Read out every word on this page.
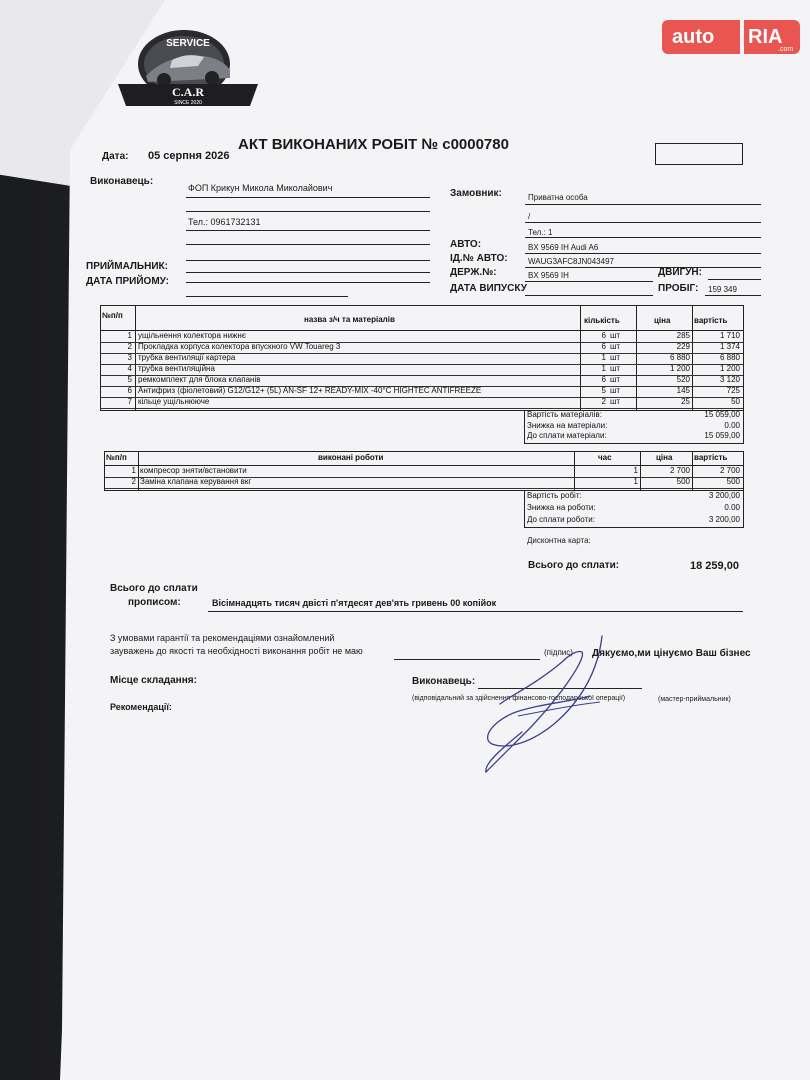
SERVICE
C.A.R
SINCE 2020
auto RIA
.com
АКТ ВИКОНАНИХ РОБІТ № с0000780
Дата: 05 серпня 2026
Виконавець:
ФОП Крикун Микола Миколайович
Тел.: 0961732131
Замовник:	Приватна особа
/
Тел.: 1
АВТО:	BX 9569 IH Audi A6
ІД.№ АВТО:	WAUG3AFC8JN043497
ДЕРЖ.№:	BX 9569 IH	ДВИГУН:
ДАТА ВИПУСКУ	ПРОБІГ: 159 349
ПРИЙМАЛЬНИК:
ДАТА ПРИЙОМУ:
№п/п	назва з/ч та матеріалів	кількість	ціна	вартість
1 ущільнення колектора нижнє	6 шт	285	1 710
2 Прокладка корпуса колектора впускного VW Touareg 3	6 шт	229	1 374
3 трубка вентиляції картера	1 шт	6 880	6 880
4 трубка вентиляційна	1 шт	1 200	1 200
5 ремкомплект для блока клапанів	6 шт	520	3 120
6 Антифриз (фіолетовий) G12/G12+ (5L) AN-SF 12+ READY-MIX -40°C HIGHTEC ANTIFREEZE	5 шт	145	725
7 кільце ущільнююче	2 шт	25	50
Вартість матеріалів:	15 059,00
Знижка на матеріали:	0.00
До сплати матеріали:	15 059,00
№п/п	виконані роботи	час	ціна	вартість
1 компресор зняти/встановити	1	2 700	2 700
2 Заміна клапана керування вкг	1	500	500
Вартість робіт:	3 200,00
Знижка на роботи:	0.00
До сплати роботи:	3 200,00
Дисконтна карта:
Всього до сплати:	18 259,00
Всього до сплати
прописом:	Вісімнадцять тисяч двісті п'ятдесят дев'ять гривень 00 копійок
З умовами гарантії та рекомендаціями ознайомлений
зауважень до якості та необхідності виконання робіт не маю	(підпис) Дякуємо,ми цінуємо Ваш бізнес
Місце складання:	Виконавець:
(відповідальний за здійснення фінансово-господарської операції)	(мастер-приймальник)
Рекомендації:
